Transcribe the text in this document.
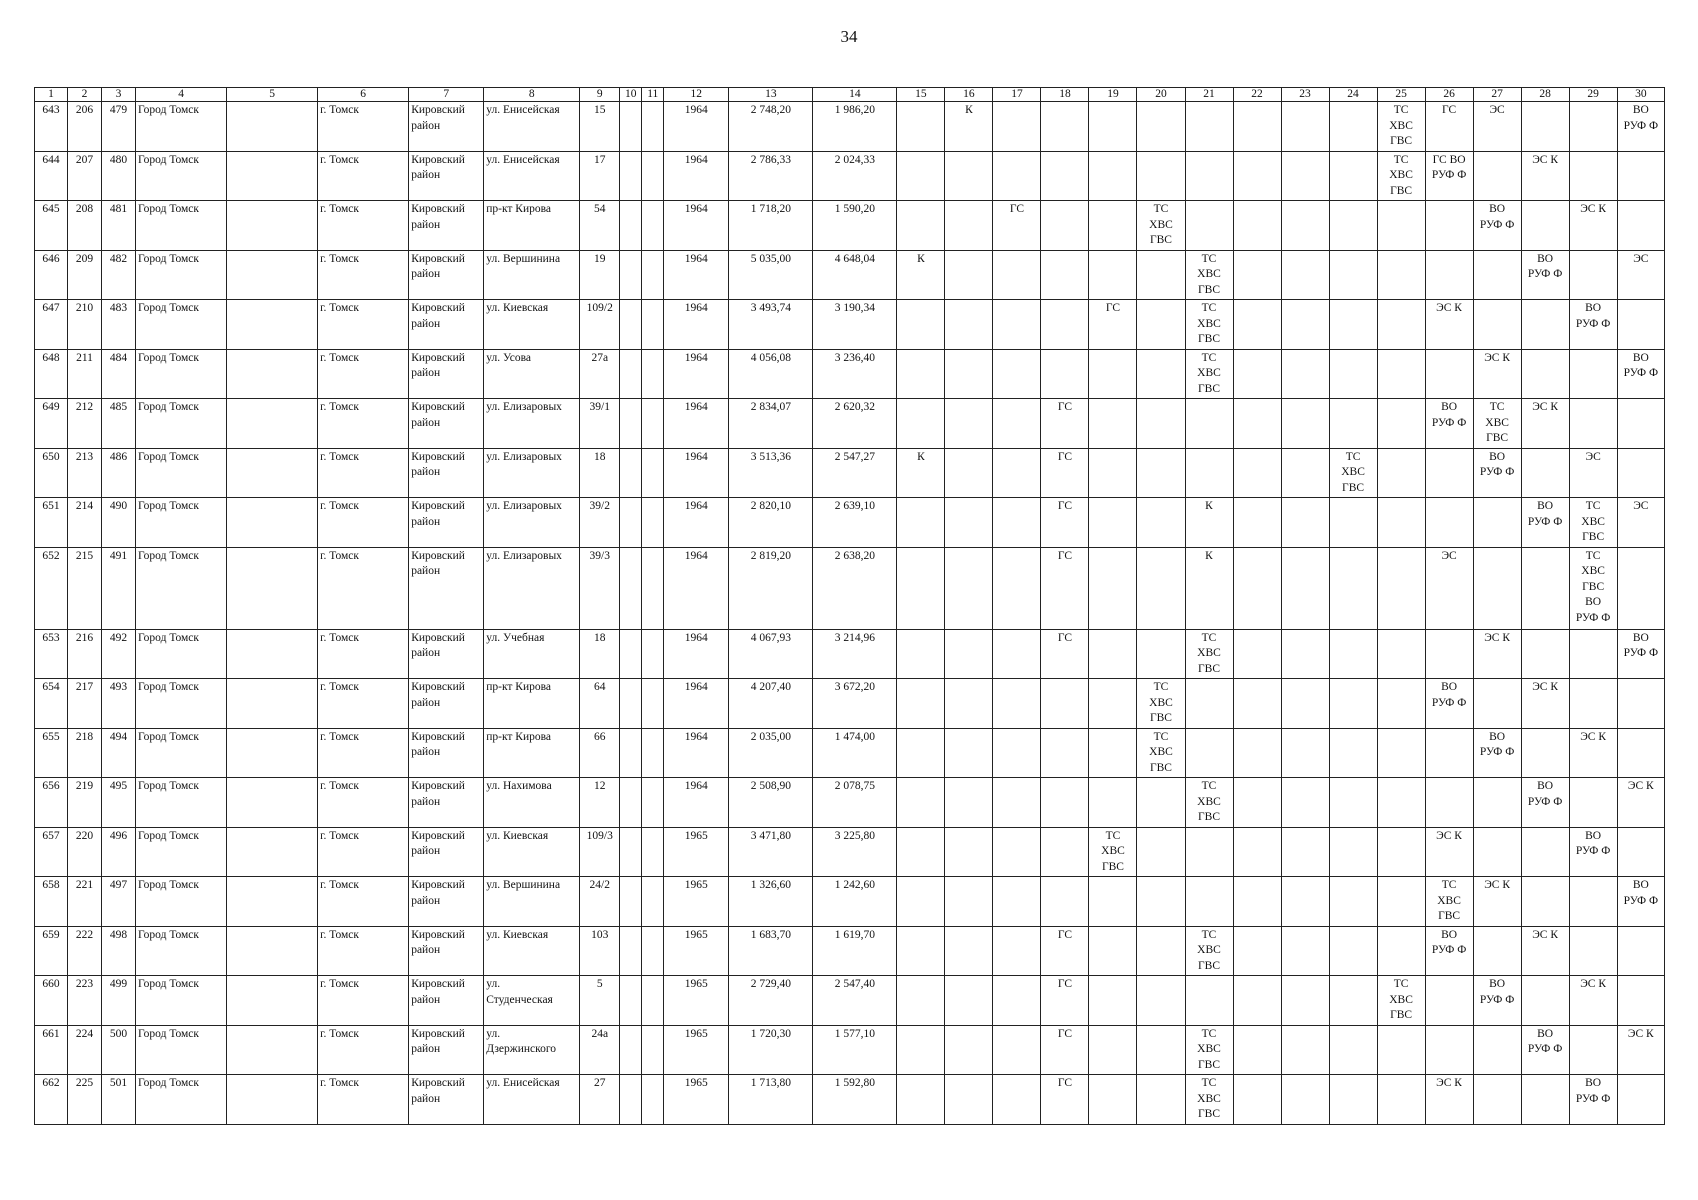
34
1	2	3	4	5	6	7	8	9	10	11	12	13	14	15	16	17	18	19	20	21	22	23	24	25	26	27	28	29	30
643	206	479	Город Томск		г. Томск	Кировский
район	ул. Енисейская	15			1964	2 748,20	1 986,20		К									ТС
ХВС
ГВС	ГС	ЭС			ВО
РУФ Ф
644	207	480	Город Томск		г. Томск	Кировский
район	ул. Енисейская	17			1964	2 786,33	2 024,33											ТС
ХВС
ГВС	ГС ВО
РУФ Ф		ЭС К		
645	208	481	Город Томск		г. Томск	Кировский
район	пр-кт Кирова	54			1964	1 718,20	1 590,20			ГС			ТС
ХВС
ГВС							ВО
РУФ Ф		ЭС К	
646	209	482	Город Томск		г. Томск	Кировский
район	ул. Вершинина	19			1964	5 035,00	4 648,04	К						ТС
ХВС
ГВС							ВО
РУФ Ф		ЭС
647	210	483	Город Томск		г. Томск	Кировский
район	ул. Киевская	109/2			1964	3 493,74	3 190,34					ГС		ТС
ХВС
ГВС					ЭС К			ВО
РУФ Ф	
648	211	484	Город Томск		г. Томск	Кировский
район	ул. Усова	27а			1964	4 056,08	3 236,40							ТС
ХВС
ГВС						ЭС К			ВО
РУФ Ф
649	212	485	Город Томск		г. Томск	Кировский
район	ул. Елизаровых	39/1			1964	2 834,07	2 620,32				ГС								ВО
РУФ Ф	ТС
ХВС
ГВС	ЭС К		
650	213	486	Город Томск		г. Томск	Кировский
район	ул. Елизаровых	18			1964	3 513,36	2 547,27	К			ГС						ТС
ХВС
ГВС			ВО
РУФ Ф		ЭС	
651	214	490	Город Томск		г. Томск	Кировский
район	ул. Елизаровых	39/2			1964	2 820,10	2 639,10				ГС			К							ВО
РУФ Ф	ТС
ХВС
ГВС	ЭС
652	215	491	Город Томск		г. Томск	Кировский
район	ул. Елизаровых	39/3			1964	2 819,20	2 638,20				ГС			К					ЭС			ТС
ХВС
ГВС
ВО
РУФ Ф	
653	216	492	Город Томск		г. Томск	Кировский
район	ул. Учебная	18			1964	4 067,93	3 214,96				ГС			ТС
ХВС
ГВС						ЭС К			ВО
РУФ Ф
654	217	493	Город Томск		г. Томск	Кировский
район	пр-кт Кирова	64			1964	4 207,40	3 672,20						ТС
ХВС
ГВС						ВО
РУФ Ф		ЭС К		
655	218	494	Город Томск		г. Томск	Кировский
район	пр-кт Кирова	66			1964	2 035,00	1 474,00						ТС
ХВС
ГВС							ВО
РУФ Ф		ЭС К	
656	219	495	Город Томск		г. Томск	Кировский
район	ул. Нахимова	12			1964	2 508,90	2 078,75							ТС
ХВС
ГВС							ВО
РУФ Ф		ЭС К
657	220	496	Город Томск		г. Томск	Кировский
район	ул. Киевская	109/3			1965	3 471,80	3 225,80					ТС
ХВС
ГВС							ЭС К			ВО
РУФ Ф	
658	221	497	Город Томск		г. Томск	Кировский
район	ул. Вершинина	24/2			1965	1 326,60	1 242,60												ТС
ХВС
ГВС	ЭС К			ВО
РУФ Ф
659	222	498	Город Томск		г. Томск	Кировский
район	ул. Киевская	103			1965	1 683,70	1 619,70				ГС			ТС
ХВС
ГВС					ВО
РУФ Ф		ЭС К		
660	223	499	Город Томск		г. Томск	Кировский
район	ул.
Студенческая	5			1965	2 729,40	2 547,40				ГС							ТС
ХВС
ГВС		ВО
РУФ Ф		ЭС К	
661	224	500	Город Томск		г. Томск	Кировский
район	ул.
Дзержинского	24а			1965	1 720,30	1 577,10				ГС			ТС
ХВС
ГВС							ВО
РУФ Ф		ЭС К
662	225	501	Город Томск		г. Томск	Кировский
район	ул. Енисейская	27			1965	1 713,80	1 592,80				ГС			ТС
ХВС
ГВС					ЭС К			ВО
РУФ Ф	
